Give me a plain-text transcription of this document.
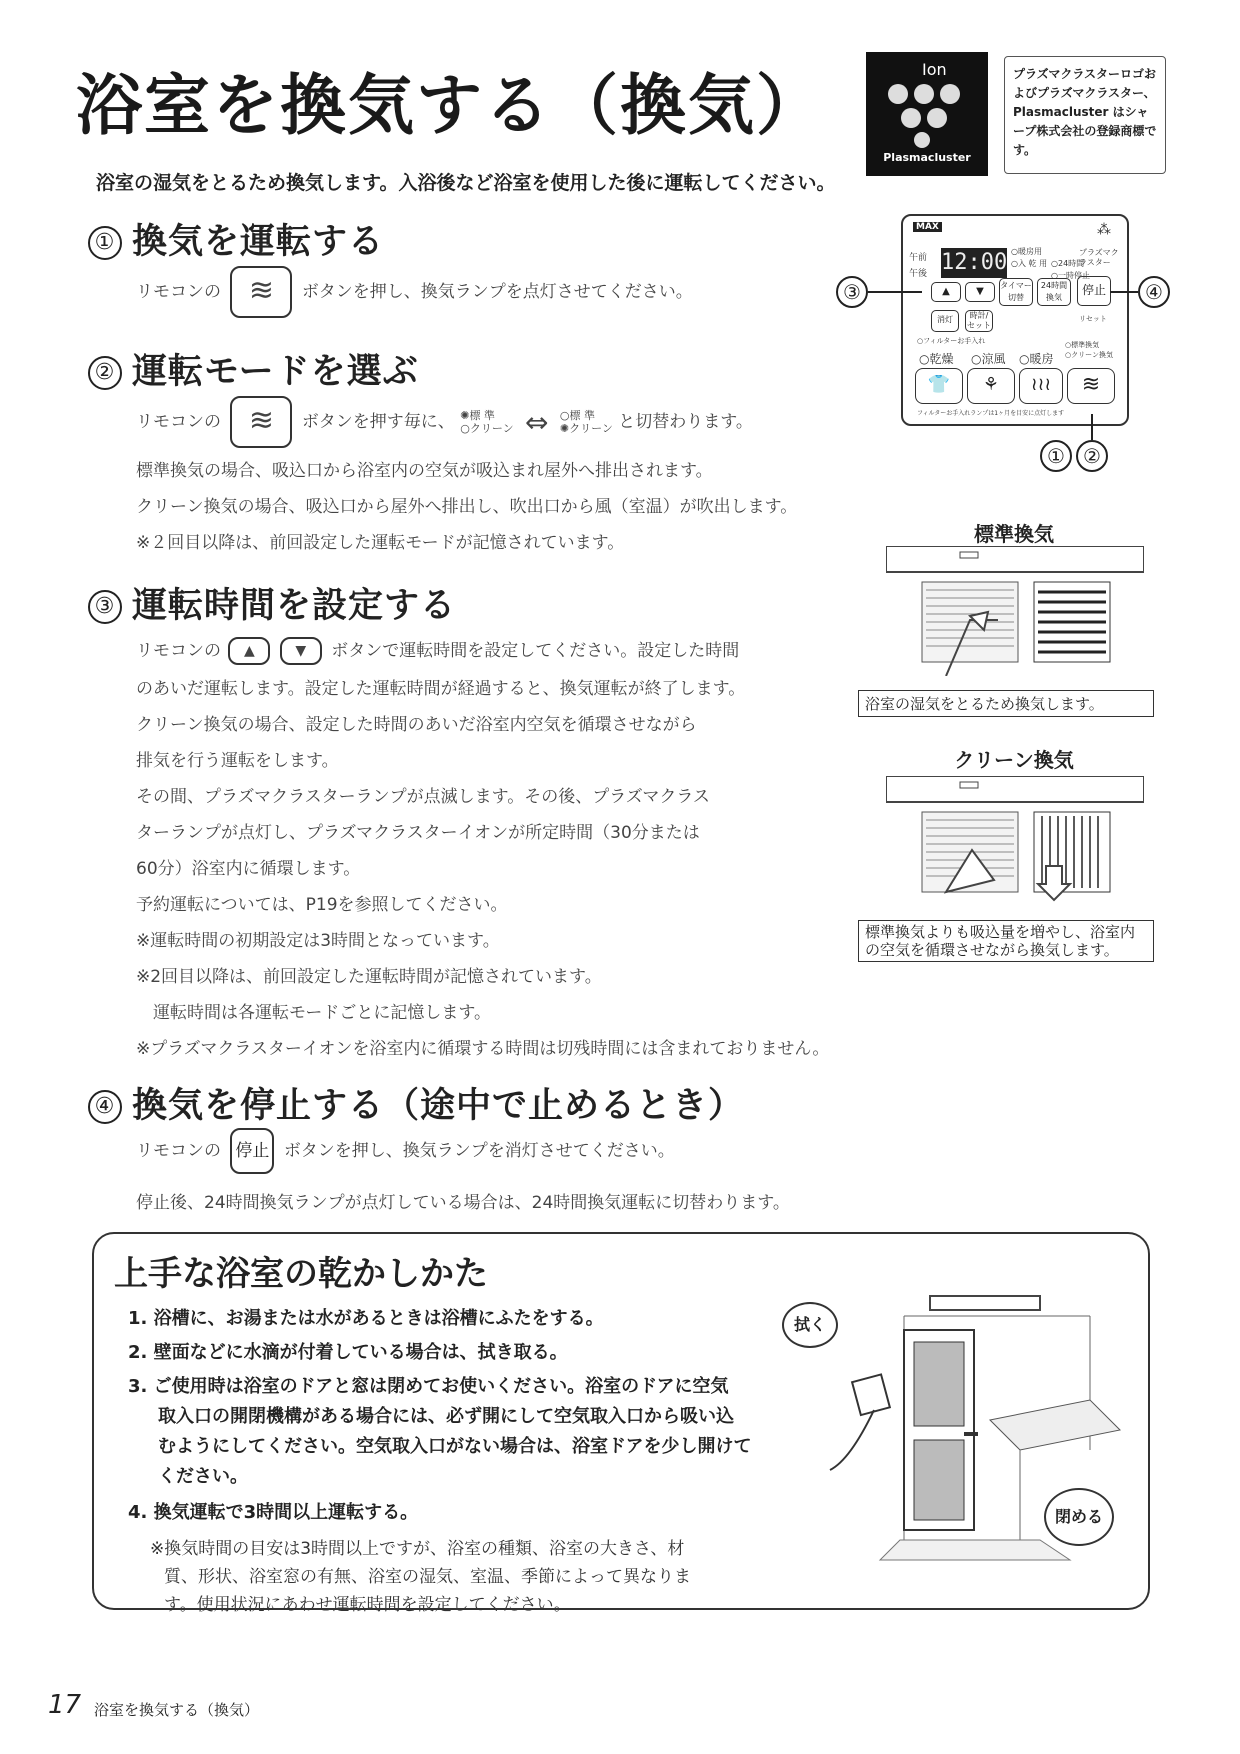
浴室を換気する（換気）
浴室の湿気をとるため換気します。入浴後など浴室を使用した後に運転してください。
Ion
Plasmacluster
プラズマクラスターロゴおよびプラズマクラスター、Plasmacluster はシャープ株式会社の登録商標です。
① 換気を運転する
リモコンの ≋ ボタンを押し、換気ランプを点灯させてください。
② 運転モードを選ぶ
リモコンの ≋ ボタンを押す毎に、 ✺標 準
○クリーン ⇔ ○標 準
✺クリーン と切替わります。
標準換気の場合、吸込口から浴室内の空気が吸込まれ屋外へ排出されます。
クリーン換気の場合、吸込口から屋外へ排出し、吹出口から風（室温）が吹出します。
※２回目以降は、前回設定した運転モードが記憶されています。
③ 運転時間を設定する
リモコンの ▲	▼ ボタンで運転時間を設定してください。設定した時間
のあいだ運転します。設定した運転時間が経過すると、換気運転が終了します。
クリーン換気の場合、設定した時間のあいだ浴室内空気を循環させながら
排気を行う運転をします。
その間、プラズマクラスターランプが点滅します。その後、プラズマクラス
ターランプが点灯し、プラズマクラスターイオンが所定時間（30分または
60分）浴室内に循環します。
予約運転については、P19を参照してください。
※運転時間の初期設定は3時間となっています。
※2回目以降は、前回設定した運転時間が記憶されています。
　運転時間は各運転モードごとに記憶します。
※プラズマクラスターイオンを浴室内に循環する時間は切残時間には含まれておりません。
④ 換気を停止する（途中で止めるとき）
リモコンの 停止 ボタンを押し、換気ランプを消灯させてください。
停止後、24時間換気ランプが点灯している場合は、24時間換気運転に切替わります。
MAX	⁂
午前
午後 12:00 ○暖房用
○入 乾 用 ○24時間
○一時停止
プラズマクラスター
▲	▼
タイマー切替
24時間換気
停止
消灯	時計/セット
○フィルターお手入れ
リセット
○乾燥 ○涼風 ○暖房
○標準換気
○クリーン換気
👕	⚘	≀≀≀	≋
フィルターお手入れランプは1ヶ月を目安に点灯します
③	④
① ②
標準換気
浴室の湿気をとるため換気します。
クリーン換気
標準換気よりも吸込量を増やし、浴室内の空気を循環させながら換気します。
上手な浴室の乾かしかた
1. 浴槽に、お湯または水があるときは浴槽にふたをする。
2. 壁面などに水滴が付着している場合は、拭き取る。
3. ご使用時は浴室のドアと窓は閉めてお使いください。浴室のドアに空気
取入口の開閉機構がある場合には、必ず開にして空気取入口から吸い込
むようにしてください。空気取入口がない場合は、浴室ドアを少し開けて
ください。
4. 換気運転で3時間以上運転する。
※換気時間の目安は3時間以上ですが、浴室の種類、浴室の大きさ、材
質、形状、浴室窓の有無、浴室の湿気、室温、季節によって異なりま
す。使用状況にあわせ運転時間を設定してください。
拭く
閉める
17 浴室を換気する（換気）
